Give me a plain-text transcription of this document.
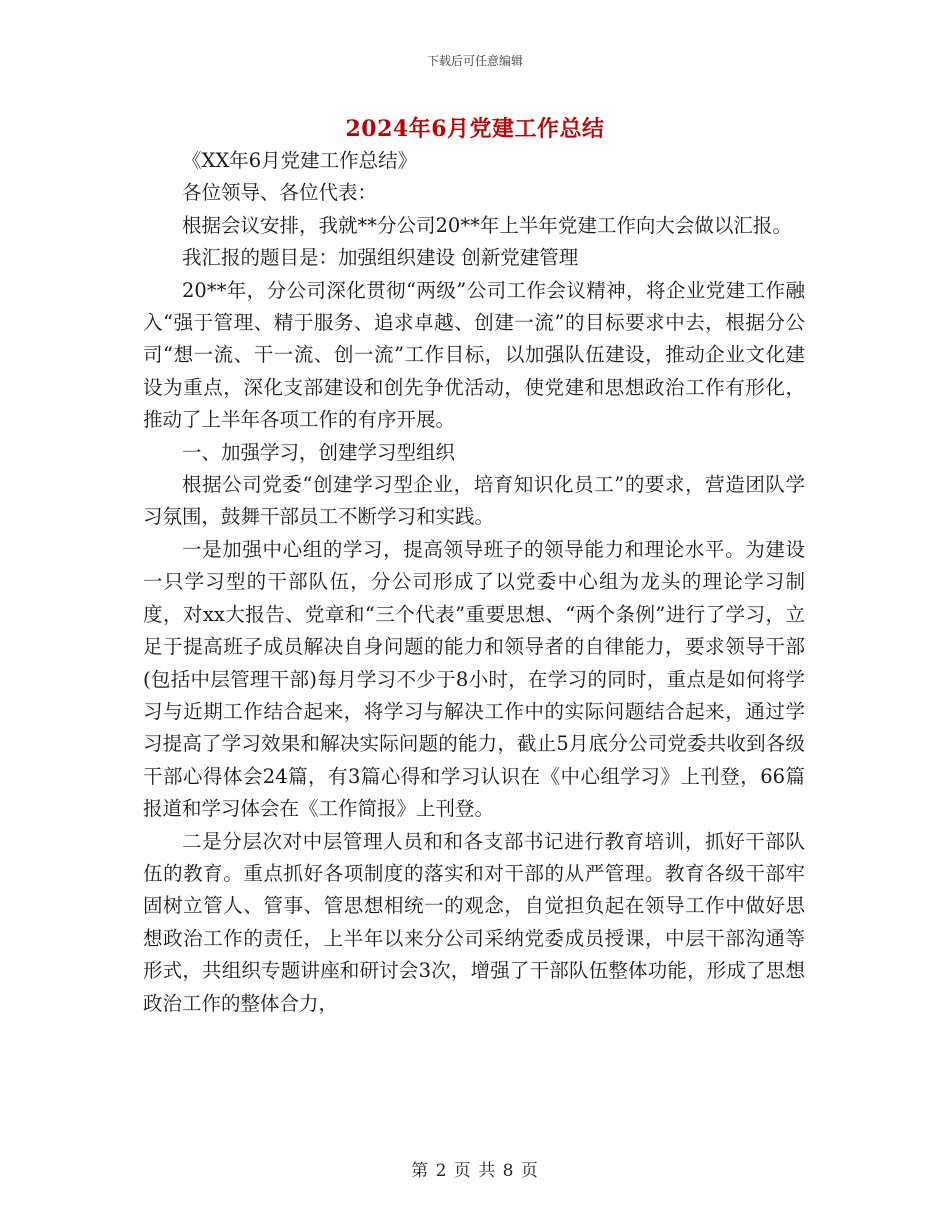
下载后可任意编辑
2024年6月党建工作总结

《XX年6月党建工作总结》

各位领导、各位代表：

根据会议安排，我就**分公司20**年上半年党建工作向大会做以汇报。

我汇报的题目是：加强组织建设 创新党建管理

20**年，分公司深化贯彻“两级”公司工作会议精神，将企业党建工作融入“强于管理、精于服务、追求卓越、创建一流”的目标要求中去，根据分公司“想一流、干一流、创一流”工作目标，以加强队伍建设，推动企业文化建设为重点，深化支部建设和创先争优活动，使党建和思想政治工作有形化，推动了上半年各项工作的有序开展。

一、加强学习，创建学习型组织

根据公司党委“创建学习型企业，培育知识化员工”的要求，营造团队学习氛围，鼓舞干部员工不断学习和实践。

一是加强中心组的学习，提高领导班子的领导能力和理论水平。为建设一只学习型的干部队伍，分公司形成了以党委中心组为龙头的理论学习制度，对xx大报告、党章和“三个代表”重要思想、“两个条例”进行了学习，立足于提高班子成员解决自身问题的能力和领导者的自律能力，要求领导干部(包括中层管理干部)每月学习不少于8小时，在学习的同时，重点是如何将学习与近期工作结合起来，将学习与解决工作中的实际问题结合起来，通过学习提高了学习效果和解决实际问题的能力，截止5月底分公司党委共收到各级干部心得体会24篇，有3篇心得和学习认识在《中心组学习》上刊登，66篇报道和学习体会在《工作简报》上刊登。

二是分层次对中层管理人员和和各支部书记进行教育培训，抓好干部队伍的教育。重点抓好各项制度的落实和对干部的从严管理。教育各级干部牢固树立管人、管事、管思想相统一的观念，自觉担负起在领导工作中做好思想政治工作的责任，上半年以来分公司采纳党委成员授课，中层干部沟通等形式，共组织专题讲座和研讨会3次，增强了干部队伍整体功能，形成了思想政治工作的整体合力，

第 2 页 共 8 页
